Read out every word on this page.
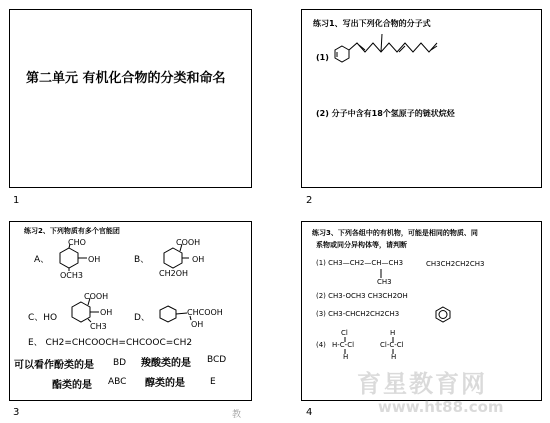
第二单元 有机化合物的分类和命名
1
练习1、写出下列化合物的分子式
(1)
(2) 分子中含有18个氢原子的链状烷烃
2
练习2、下列物质有多个官能团
A、
CHO
OH
OCH3
B、
COOH
OH
CH2OH
C、HO
COOH
OH
CH3
D、
CHCOOH
OH
E、 CH2=CHCOOCH=CHCOOC=CH2
可以看作酚类的是 BD 羧酸类的是 BCD
酯类的是 ABC 醇类的是	E
3	教
练习3、下列各组中的有机物，可能是相同的物质、同
系物或同分异构体等，请判断
(1) CH3—CH2—CH—CH3
CH3
CH3CH2CH2CH3
(2) CH3-OCH3 CH3CH2OH
(3) CH3-CHCH2CH2CH3
(4)
Cl
H-C-Cl
H
H
Cl-C-Cl
H
4
育星教育网
www.ht88.com
